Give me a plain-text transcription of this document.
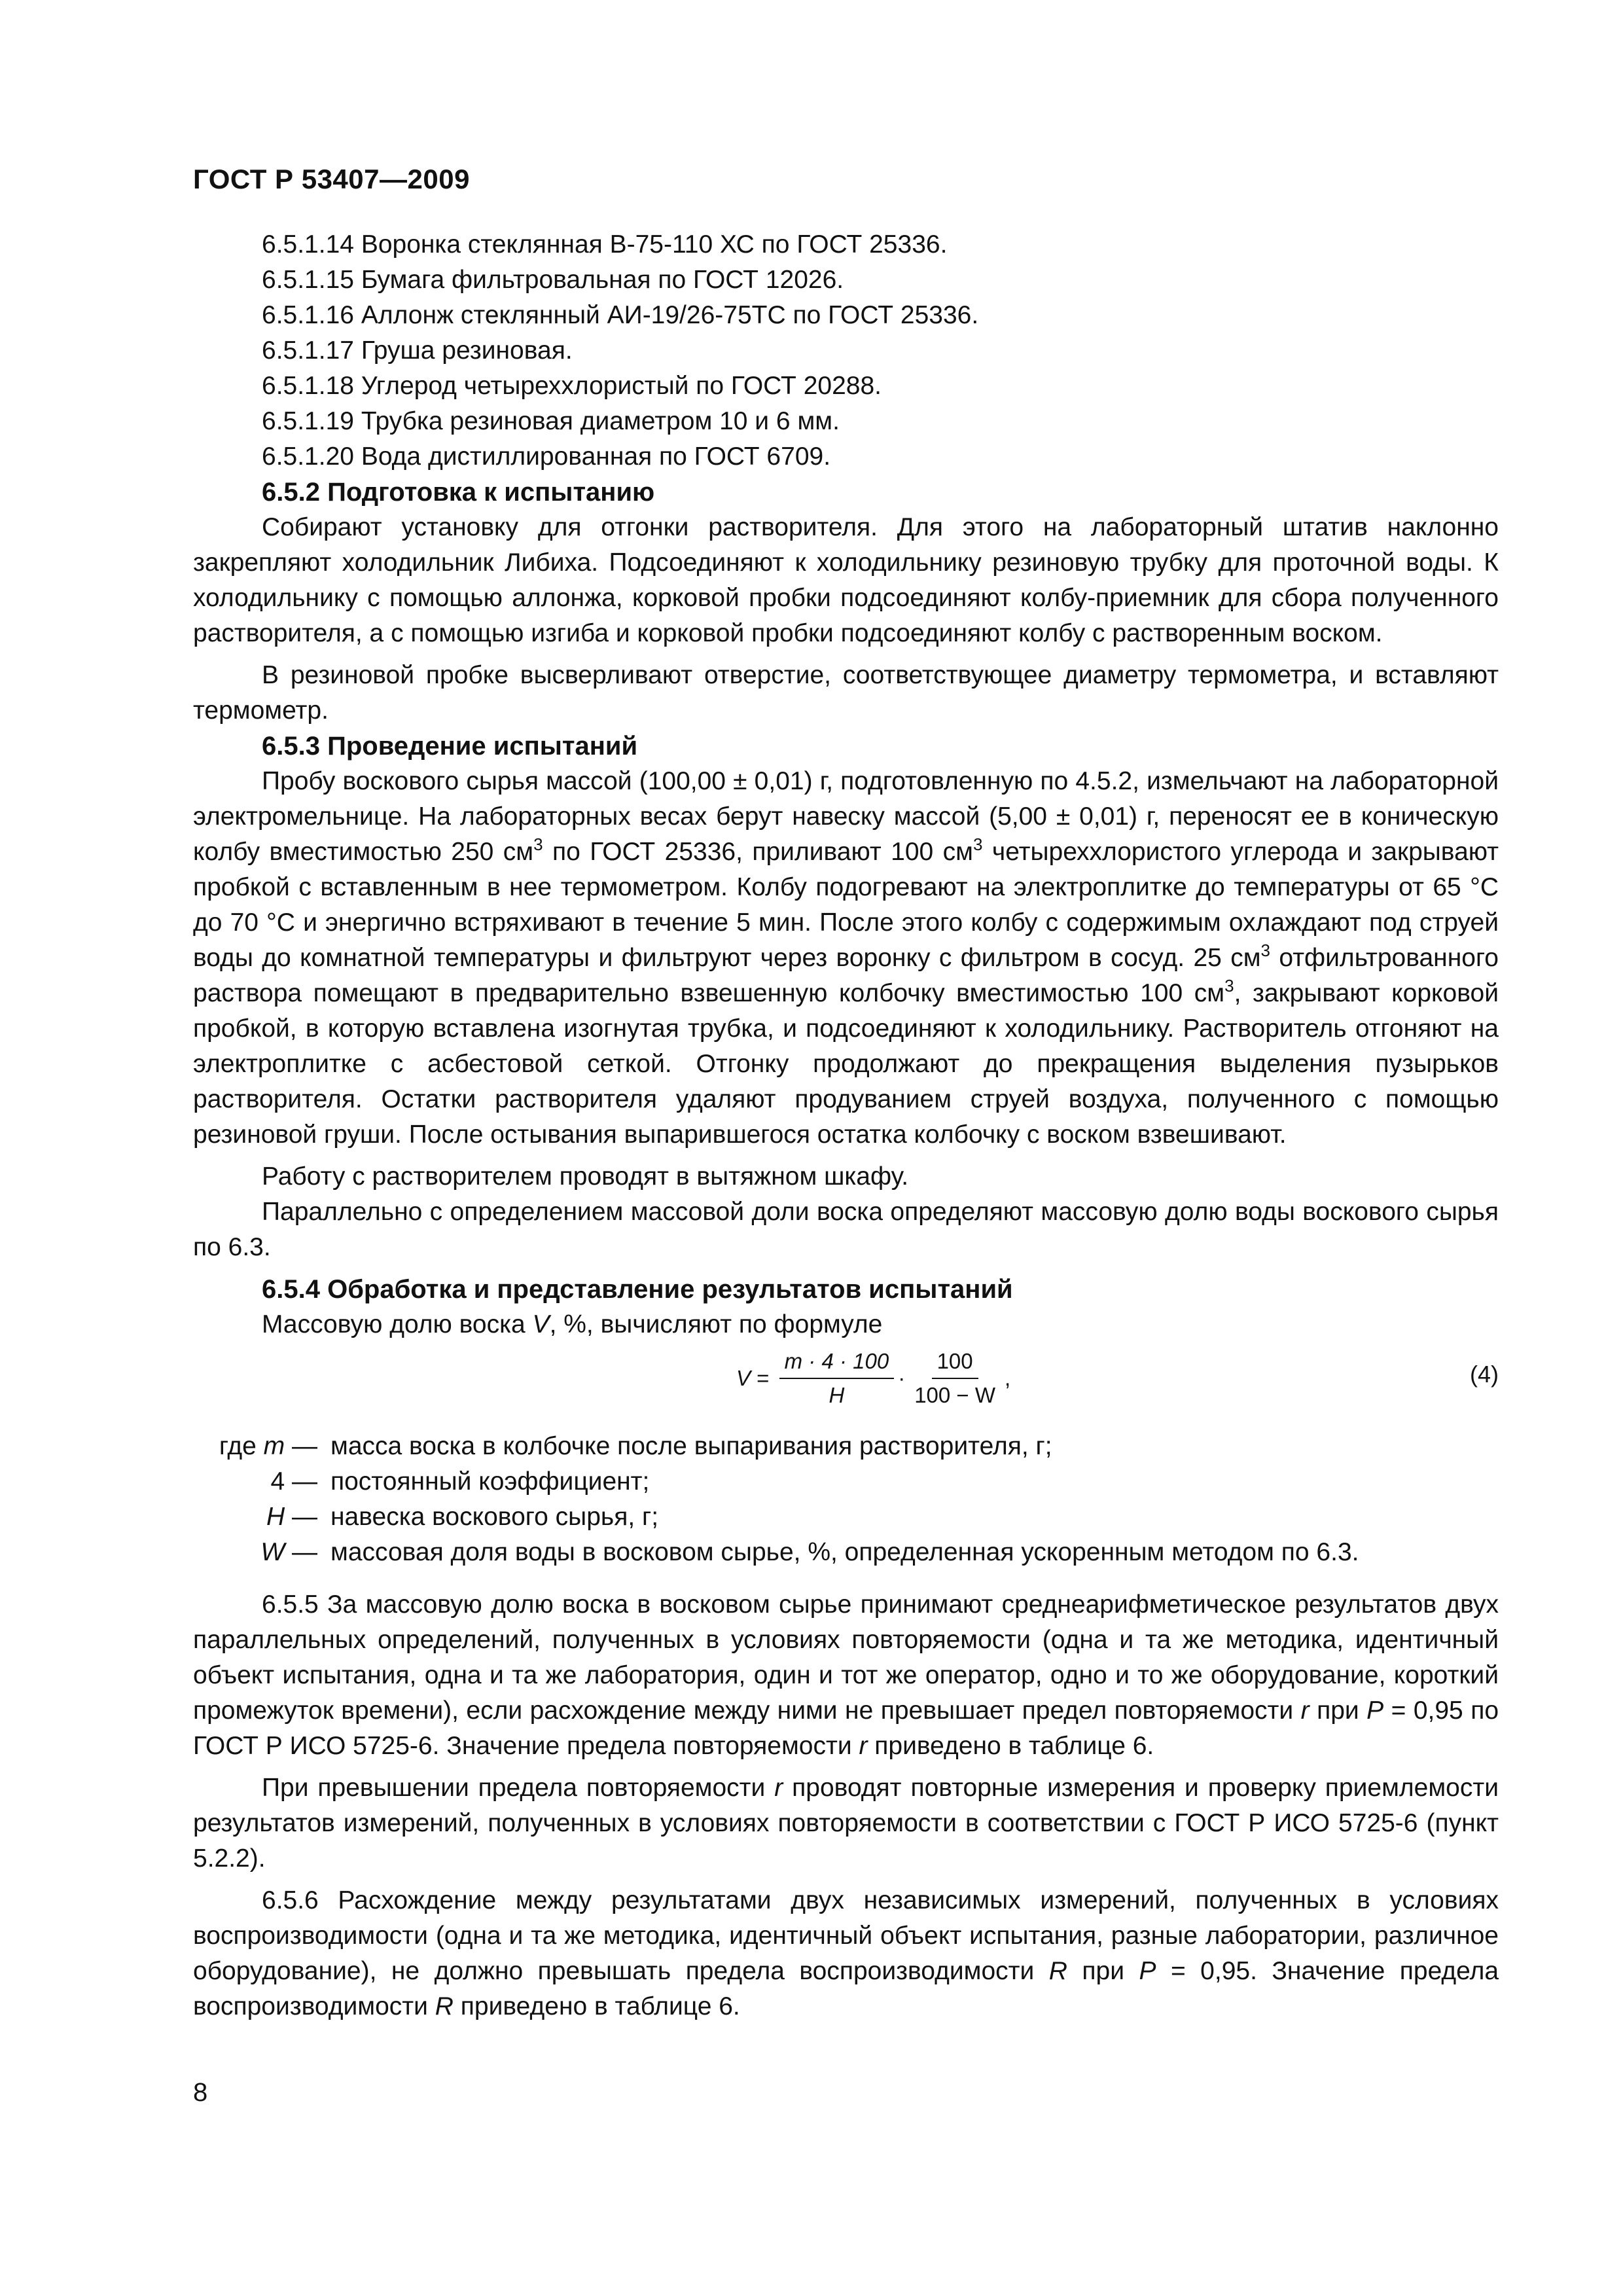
ГОСТ Р 53407—2009

6.5.1.14 Воронка стеклянная В-75-110 ХС по ГОСТ 25336.

6.5.1.15 Бумага фильтровальная по ГОСТ 12026.

6.5.1.16 Аллонж стеклянный АИ-19/26-75ТС по ГОСТ 25336.

6.5.1.17 Груша резиновая.

6.5.1.18 Углерод четыреххлористый по ГОСТ 20288.

6.5.1.19 Трубка резиновая диаметром 10 и 6 мм.

6.5.1.20 Вода дистиллированная по ГОСТ 6709.

6.5.2 Подготовка к испытанию

Собирают установку для отгонки растворителя. Для этого на лабораторный штатив наклонно закрепляют холодильник Либиха. Подсоединяют к холодильнику резиновую трубку для проточной воды. К холодильнику с помощью аллонжа, корковой пробки подсоединяют колбу-приемник для сбора полученного растворителя, а с помощью изгиба и корковой пробки подсоединяют колбу с растворенным воском.

В резиновой пробке высверливают отверстие, соответствующее диаметру термометра, и вставляют термометр.

6.5.3 Проведение испытаний

Пробу воскового сырья массой (100,00 ± 0,01) г, подготовленную по 4.5.2, измельчают на лабораторной электромельнице. На лабораторных весах берут навеску массой (5,00 ± 0,01) г, переносят ее в коническую колбу вместимостью 250 $см^3$ по ГОСТ 25336, приливают 100 $см^3$ четыреххлористого углерода и закрывают пробкой с вставленным в нее термометром. Колбу подогревают на электроплитке до температуры от 65 °С до 70 °С и энергично встряхивают в течение 5 мин. После этого колбу с содержимым охлаждают под струей воды до комнатной температуры и фильтруют через воронку с фильтром в сосуд. 25 $см^3$ отфильтрованного раствора помещают в предварительно взвешенную колбочку вместимостью 100 $см^3$, закрывают корковой пробкой, в которую вставлена изогнутая трубка, и подсоединяют к холодильнику. Растворитель отгоняют на электроплитке с асбестовой сеткой. Отгонку продолжают до прекращения выделения пузырьков растворителя. Остатки растворителя удаляют продуванием струей воздуха, полученного с помощью резиновой груши. После остывания выпарившегося остатка колбочку с воском взвешивают.

Работу с растворителем проводят в вытяжном шкафу.

Параллельно с определением массовой доли воска определяют массовую долю воды воскового сырья по 6.3.

6.5.4 Обработка и представление результатов испытаний

Массовую долю воска V, %, вычисляют по формуле

$V = \frac{m \cdot 4 \cdot 100}{H} \cdot \frac{100}{100 - W}$ ,	(4)
где m — масса воска в колбочке после выпаривания растворителя, г;
4 — постоянный коэффициент;
H — навеска воскового сырья, г;
W — массовая доля воды в восковом сырье, %, определенная ускоренным методом по 6.3.

6.5.5 За массовую долю воска в восковом сырье принимают среднеарифметическое результатов двух параллельных определений, полученных в условиях повторяемости (одна и та же методика, идентичный объект испытания, одна и та же лаборатория, один и тот же оператор, одно и то же оборудование, короткий промежуток времени), если расхождение между ними не превышает предел повторяемости r при P = 0,95 по ГОСТ Р ИСО 5725-6. Значение предела повторяемости r приведено в таблице 6.

При превышении предела повторяемости r проводят повторные измерения и проверку приемлемости результатов измерений, полученных в условиях повторяемости в соответствии с ГОСТ Р ИСО 5725-6 (пункт 5.2.2).

6.5.6 Расхождение между результатами двух независимых измерений, полученных в условиях воспроизводимости (одна и та же методика, идентичный объект испытания, разные лаборатории, различное оборудование), не должно превышать предела воспроизводимости R при P = 0,95. Значение предела воспроизводимости R приведено в таблице 6.

8
